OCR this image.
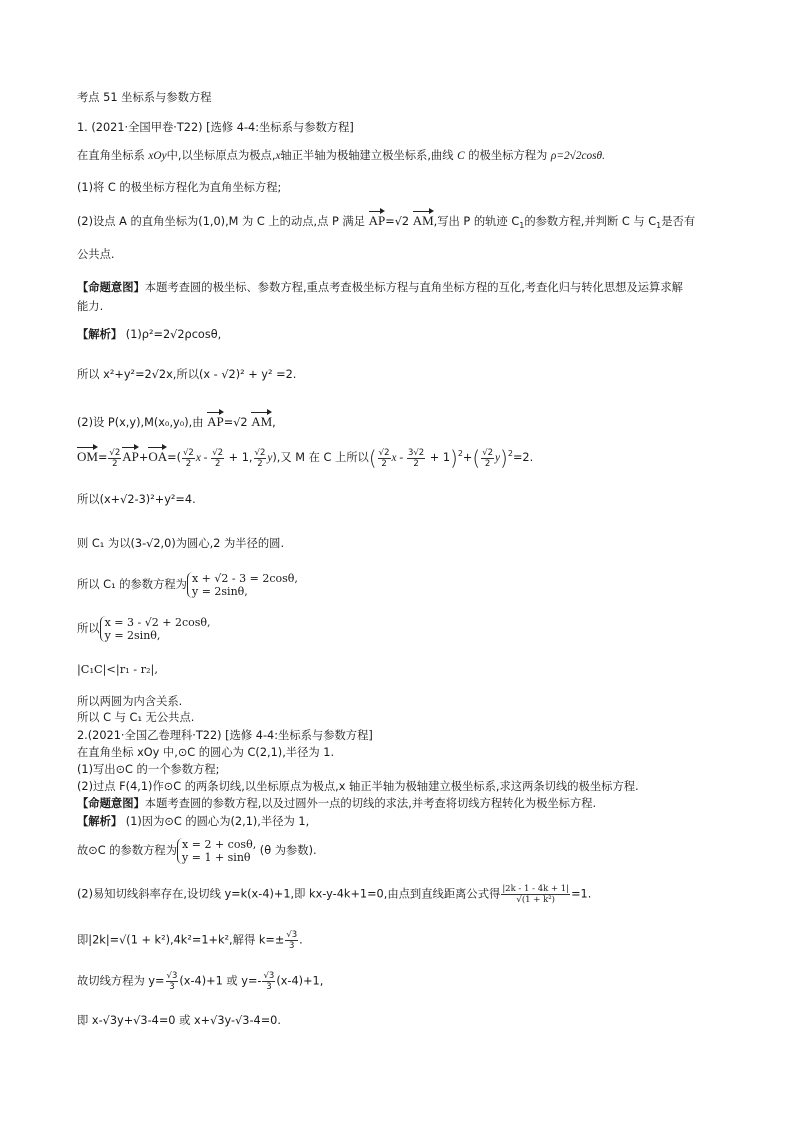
考点 51 坐标系与参数方程
1. (2021·全国甲卷·T22) [选修 4-4:坐标系与参数方程]
在直角坐标系 xOy中,以坐标原点为极点,x轴正半轴为极轴建立极坐标系,曲线 C 的极坐标方程为 ρ=2√2cosθ.
(1)将 C 的极坐标方程化为直角坐标方程;
(2)设点 A 的直角坐标为(1,0),M 为 C 上的动点,点 P 满足 AP=√2 AM,写出 P 的轨迹 $C_1$的参数方程,并判断 C 与 $C_1$是否有
公共点.
【命题意图】本题考查圆的极坐标、参数方程,重点考查极坐标方程与直角坐标方程的互化,考查化归与转化思想及运算求解
能力.
【解析】 (1)ρ²=2√2ρcosθ,
所以 x²+y²=2√2x,所以(x - √2)² + y² =2.
(2)设 P(x,y),M(x₀,y₀),由 AP=√2 AM,
$OM= \frac{√2}{2} AP+OA=( \frac{√2}{2}$ $x - \frac{√2}{2} + 1$, $\frac{√2}{2} y$),又 M 在 C 上所以( $\frac{√2}{2}$ $x - \frac{3√2}{2} + 1)^2+( \frac{√2}{2} y)^2=2$.
所以(x+√2-3)²+y²=4.
则 C₁ 为以(3-√2,0)为圆心,2 为半径的圆.
所以 C₁ 的参数方程为 x + √2 - 3 = 2cosθ,
y = 2sinθ,
所以 x = 3 - √2 + 2cosθ,
y = 2sinθ,
|C₁C|<|r₁ - r₂|,
所以两圆为内含关系.
所以 C 与 C₁ 无公共点.
2.(2021·全国乙卷理科·T22) [选修 4-4:坐标系与参数方程]
在直角坐标 xOy 中,⊙C 的圆心为 C(2,1),半径为 1.
(1)写出⊙C 的一个参数方程;
(2)过点 F(4,1)作⊙C 的两条切线,以坐标原点为极点,x 轴正半轴为极轴建立极坐标系,求这两条切线的极坐标方程.
【命题意图】本题考查圆的参数方程,以及过圆外一点的切线的求法,并考查将切线方程转化为极坐标方程.
【解析】 (1)因为⊙C 的圆心为(2,1),半径为 1,
故⊙C 的参数方程为 x = 2 + cosθ,
y = 1 + sinθ
(θ 为参数).
(2)易知切线斜率存在,设切线 y=k(x-4)+1,即 kx-y-4k+1=0,由点到直线距离公式得 $\frac{|2k - 1 - 4k + 1|}{\text{√(1 + k²)}} =1$.
即|2k|=√(1 + k²),4k²=1+k²,解得 $k=\pm \frac{√3}{3}$ .
故切线方程为 $y= \frac{√3}{3} (x-4)+1$ 或 $y=- \frac{√3}{3} (x-4)+1$,
即 x-√3y+√3-4=0 或 x+√3y-√3-4=0.
